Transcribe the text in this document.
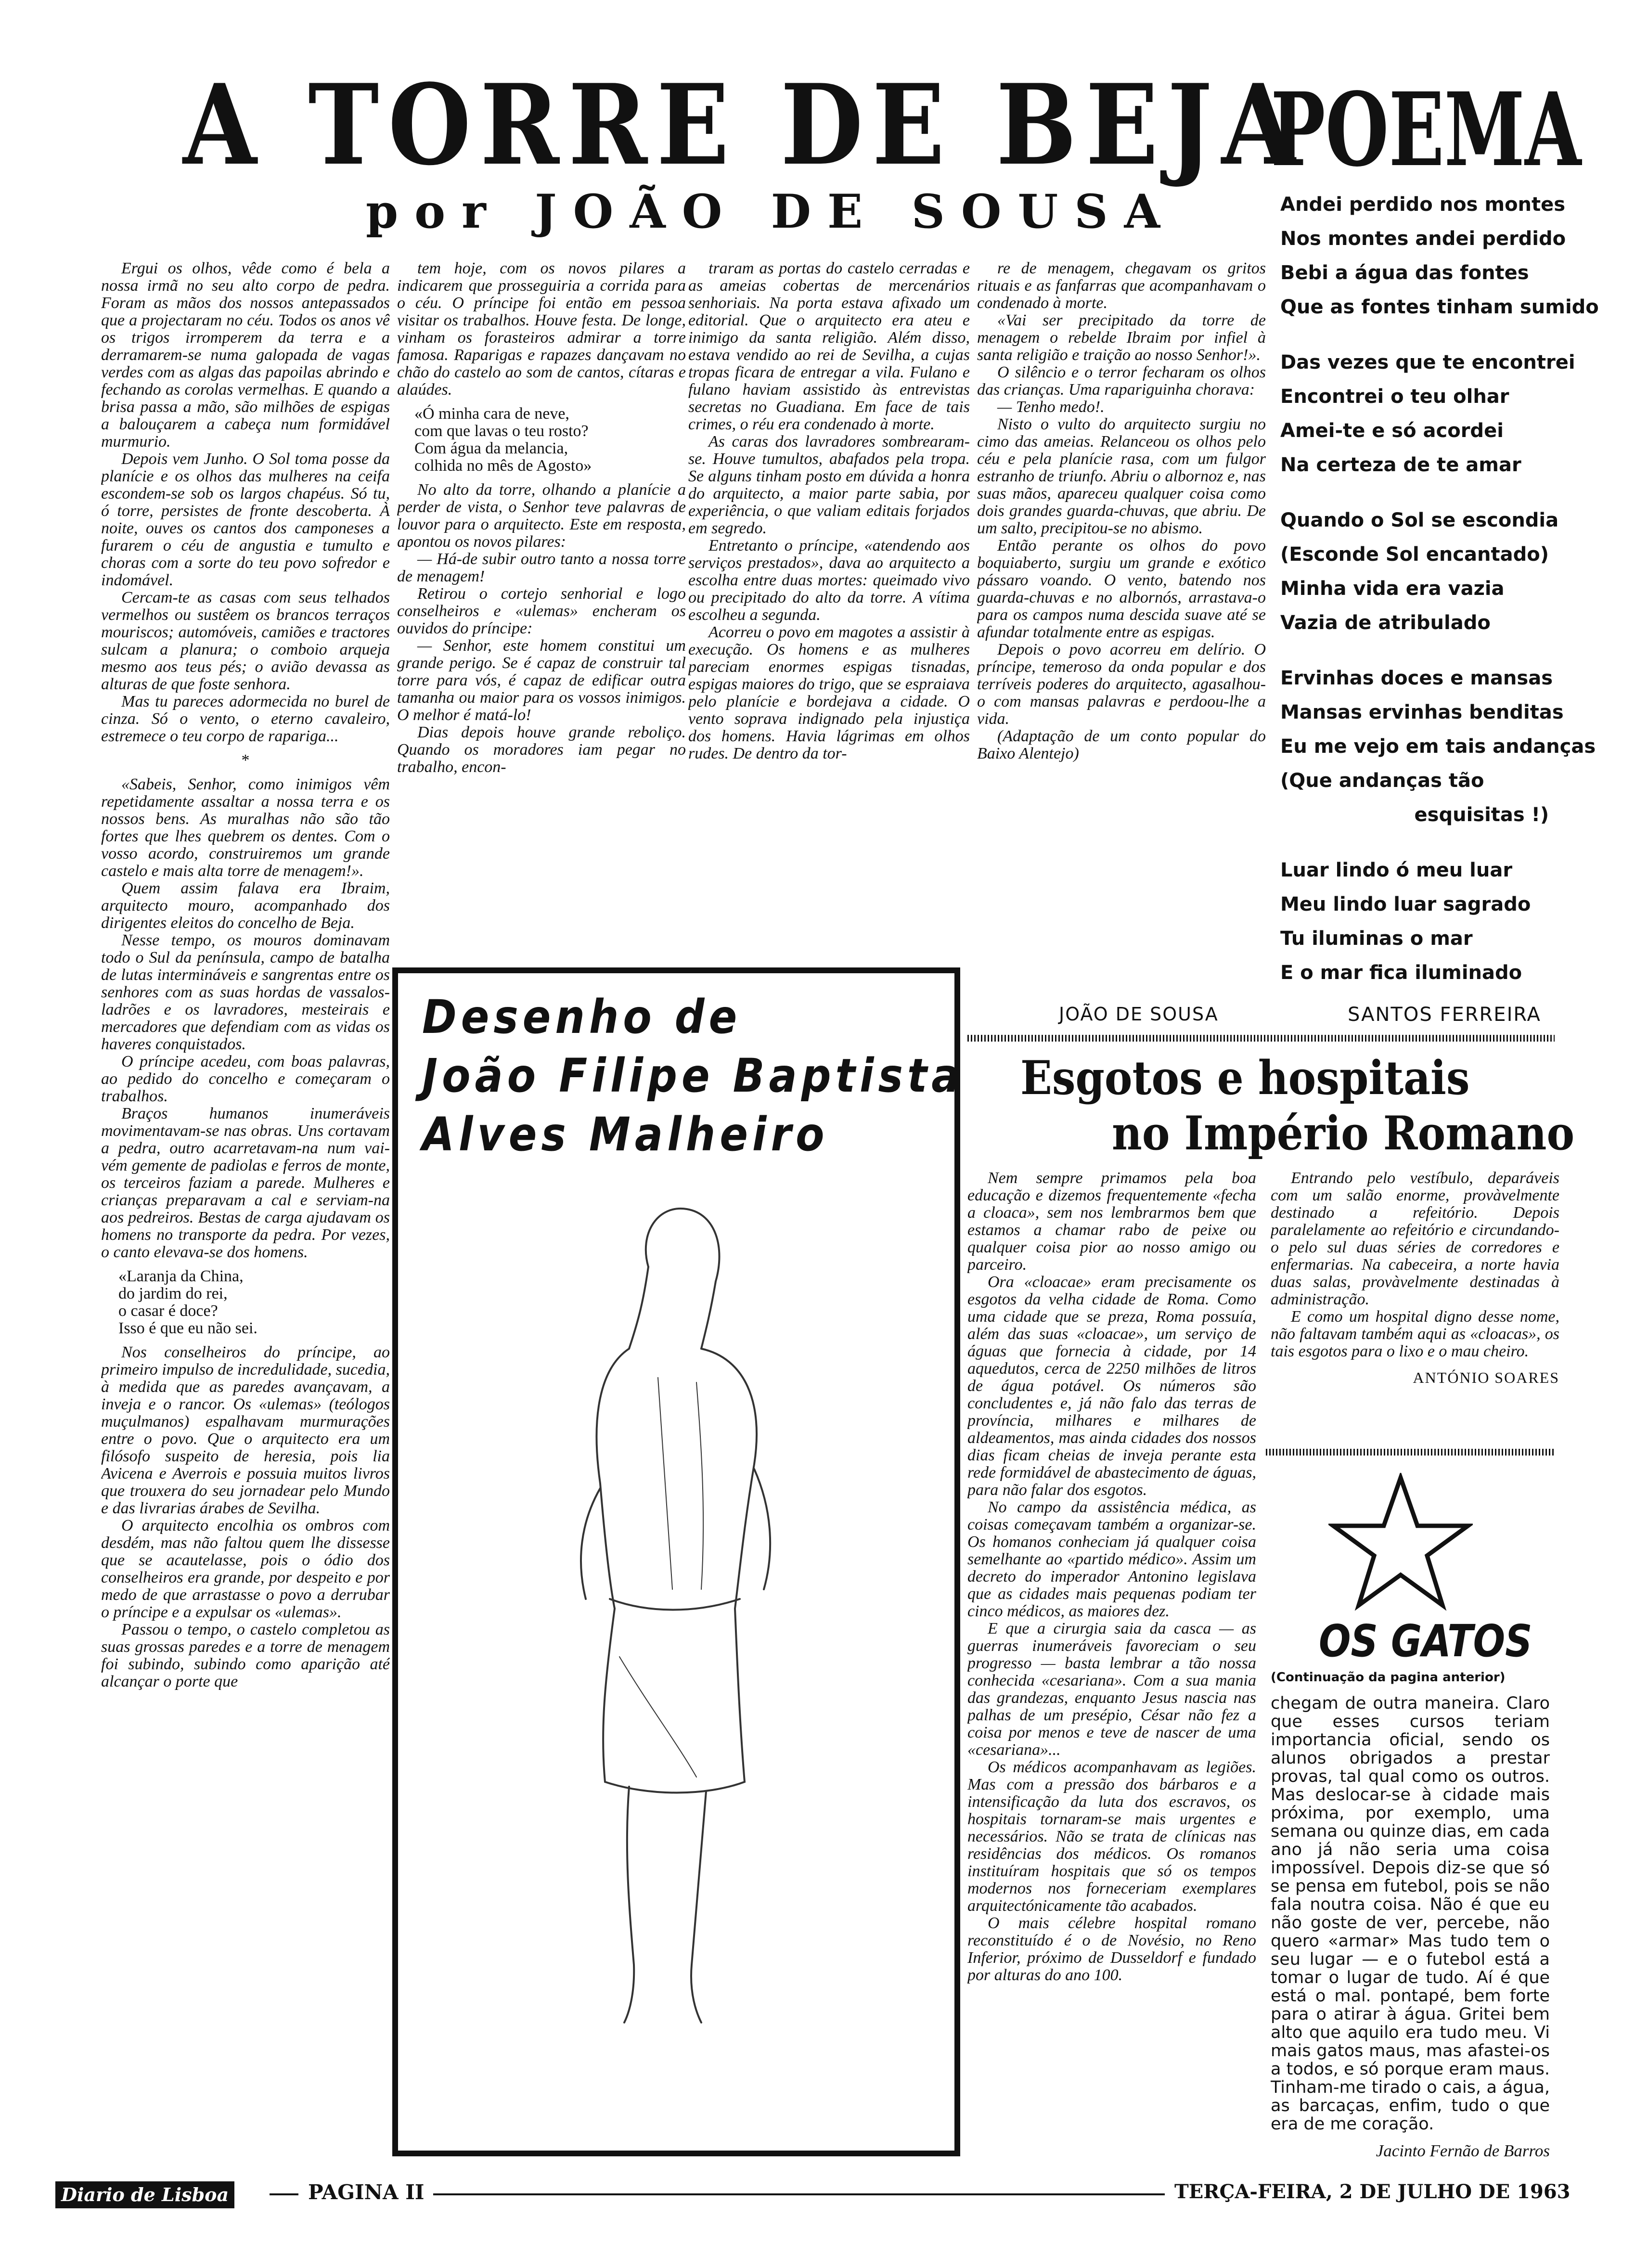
A TORRE DE BEJA
por JOÃO DE SOUSA
POEMA
Andei perdido nos montes
Nos montes andei perdido
Bebi a água das fontes
Que as fontes tinham sumido
Das vezes que te encontrei
Encontrei o teu olhar
Amei-te e só acordei
Na certeza de te amar
Quando o Sol se escondia
(Esconde Sol encantado)
Minha vida era vazia
Vazia de atribulado
Ervinhas doces e mansas
Mansas ervinhas benditas
Eu me vejo em tais andanças
(Que andanças tão
esquisitas !)
Luar lindo ó meu luar
Meu lindo luar sagrado
Tu iluminas o mar
E o mar fica iluminado
SANTOS FERREIRA

Ergui os olhos, vêde como é bela a nossa irmã no seu alto corpo de pedra. Foram as mãos dos nossos antepassados que a projectaram no céu. Todos os anos vê os trigos irromperem da terra e a derramarem-se numa galopada de vagas verdes com as algas das papoilas abrindo e fechando as corolas vermelhas. E quando a brisa passa a mão, são milhões de espigas a balouçarem a cabeça num formidável murmurio.

Depois vem Junho. O Sol toma posse da planície e os olhos das mulheres na ceifa escondem-se sob os largos chapéus. Só tu, ó torre, persistes de fronte descoberta. À noite, ouves os cantos dos camponeses a furarem o céu de angustia e tumulto e choras com a sorte do teu povo sofredor e indomável.

Cercam-te as casas com seus telhados vermelhos ou sustêem os brancos terraços mouriscos; automóveis, camiões e tractores sulcam a planura; o comboio arqueja mesmo aos teus pés; o avião devassa as alturas de que foste senhora.

Mas tu pareces adormecida no burel de cinza. Só o vento, o eterno cavaleiro, estremece o teu corpo de rapariga...

*

«Sabeis, Senhor, como inimigos vêm repetidamente assaltar a nossa terra e os nossos bens. As muralhas não são tão fortes que lhes quebrem os dentes. Com o vosso acordo, construiremos um grande castelo e mais alta torre de menagem!».

Quem assim falava era Ibraim, arquitecto mouro, acompanhado dos dirigentes eleitos do concelho de Beja.

Nesse tempo, os mouros dominavam todo o Sul da península, campo de batalha de lutas intermináveis e sangrentas entre os senhores com as suas hordas de vassalos-ladrões e os lavradores, mesteirais e mercadores que defendiam com as vidas os haveres conquistados.

O príncipe acedeu, com boas palavras, ao pedido do concelho e começaram o trabalhos.

Braços humanos inumeráveis movimentavam-se nas obras. Uns cortavam a pedra, outro acarretavam-na num vai-vém gemente de padiolas e ferros de monte, os terceiros faziam a parede. Mulheres e crianças preparavam a cal e serviam-na aos pedreiros. Bestas de carga ajudavam os homens no transporte da pedra. Por vezes, o canto elevava-se dos homens.

«Laranja da China,
do jardim do rei,
o casar é doce?
Isso é que eu não sei.

Nos conselheiros do príncipe, ao primeiro impulso de incredulidade, sucedia, à medida que as paredes avançavam, a inveja e o rancor. Os «ulemas» (teólogos muçulmanos) espalhavam murmurações entre o povo. Que o arquitecto era um filósofo suspeito de heresia, pois lia Avicena e Averrois e possuia muitos livros que trouxera do seu jornadear pelo Mundo e das livrarias árabes de Sevilha.

O arquitecto encolhia os ombros com desdém, mas não faltou quem lhe dissesse que se acautelasse, pois o ódio dos conselheiros era grande, por despeito e por medo de que arrastasse o povo a derrubar o príncipe e a expulsar os «ulemas».

Passou o tempo, o castelo completou as suas grossas paredes e a torre de menagem foi subindo, subindo como aparição até alcançar o porte que

tem hoje, com os novos pilares a indicarem que prosseguiria a corrida para o céu. O príncipe foi então em pessoa visitar os trabalhos. Houve festa. De longe, vinham os forasteiros admirar a torre famosa. Raparigas e rapazes dançavam no chão do castelo ao som de cantos, cítaras e alaúdes.

«Ó minha cara de neve,
com que lavas o teu rosto?
Com água da melancia,
colhida no mês de Agosto»

No alto da torre, olhando a planície a perder de vista, o Senhor teve palavras de louvor para o arquitecto. Este em resposta, apontou os novos pilares:

— Há-de subir outro tanto a nossa torre de menagem!

Retirou o cortejo senhorial e logo conselheiros e «ulemas» encheram os ouvidos do príncipe:

— Senhor, este homem constitui um grande perigo. Se é capaz de construir tal torre para vós, é capaz de edificar outra tamanha ou maior para os vossos inimigos. O melhor é matá-lo!

Dias depois houve grande reboliço. Quando os moradores iam pegar no trabalho, encon-

traram as portas do castelo cerradas e as ameias cobertas de mercenários senhoriais. Na porta estava afixado um editorial. Que o arquitecto era ateu e inimigo da santa religião. Além disso, estava vendido ao rei de Sevilha, a cujas tropas ficara de entregar a vila. Fulano e fulano haviam assistido às entrevistas secretas no Guadiana. Em face de tais crimes, o réu era condenado à morte.

As caras dos lavradores sombrearam-se. Houve tumultos, abafados pela tropa. Se alguns tinham posto em dúvida a honra do arquitecto, a maior parte sabia, por experiência, o que valiam editais forjados em segredo.

Entretanto o príncipe, «atendendo aos serviços prestados», dava ao arquitecto a escolha entre duas mortes: queimado vivo ou precipitado do alto da torre. A vítima escolheu a segunda.

Acorreu o povo em magotes a assistir à execução. Os homens e as mulheres pareciam enormes espigas tisnadas, espigas maiores do trigo, que se espraiava pelo planície e bordejava a cidade. O vento soprava indignado pela injustiça dos homens. Havia lágrimas em olhos rudes. De dentro da tor-

re de menagem, chegavam os gritos rituais e as fanfarras que acompanhavam o condenado à morte.

«Vai ser precipitado da torre de menagem o rebelde Ibraim por infiel à santa religião e traição ao nosso Senhor!».

O silêncio e o terror fecharam os olhos das crianças. Uma rapariguinha chorava:

— Tenho medo!.

Nisto o vulto do arquitecto surgiu no cimo das ameias. Relanceou os olhos pelo céu e pela planície rasa, com um fulgor estranho de triunfo. Abriu o albornoz e, nas suas mãos, apareceu qualquer coisa como dois grandes guarda-chuvas, que abriu. De um salto, precipitou-se no abismo.

Então perante os olhos do povo boquiaberto, surgiu um grande e exótico pássaro voando. O vento, batendo nos guarda-chuvas e no albornós, arrastava-o para os campos numa descida suave até se afundar totalmente entre as espigas.

Depois o povo acorreu em delírio. O príncipe, temeroso da onda popular e dos terríveis poderes do arquitecto, agasalhou-o com mansas palavras e perdoou-lhe a vida.

(Adaptação de um conto popular do Baixo Alentejo)

JOÃO DE SOUSA
Desenho de
João Filipe Baptista
Alves Malheiro
Esgotos e hospitais
no Império Romano

Nem sempre primamos pela boa educação e dizemos frequentemente «fecha a cloaca», sem nos lembrarmos bem que estamos a chamar rabo de peixe ou qualquer coisa pior ao nosso amigo ou parceiro.

Ora «cloacae» eram precisamente os esgotos da velha cidade de Roma. Como uma cidade que se preza, Roma possuía, além das suas «cloacae», um serviço de águas que fornecia à cidade, por 14 aquedutos, cerca de 2250 milhões de litros de água potável. Os números são concludentes e, já não falo das terras de província, milhares e milhares de aldeamentos, mas ainda cidades dos nossos dias ficam cheias de inveja perante esta rede formidável de abastecimento de águas, para não falar dos esgotos.

No campo da assistência médica, as coisas começavam também a organizar-se. Os homanos conheciam já qualquer coisa semelhante ao «partido médico». Assim um decreto do imperador Antonino legislava que as cidades mais pequenas podiam ter cinco médicos, as maiores dez.

E que a cirurgia saia da casca — as guerras inumeráveis favoreciam o seu progresso — basta lembrar a tão nossa conhecida «cesariana». Com a sua mania das grandezas, enquanto Jesus nascia nas palhas de um presépio, César não fez a coisa por menos e teve de nascer de uma «cesariana»...

Os médicos acompanhavam as legiões. Mas com a pressão dos bárbaros e a intensificação da luta dos escravos, os hospitais tornaram-se mais urgentes e necessários. Não se trata de clínicas nas residências dos médicos. Os romanos instituíram hospitais que só os tempos modernos nos forneceriam exemplares arquitectónicamente tão acabados.

O mais célebre hospital romano reconstituído é o de Novésio, no Reno Inferior, próximo de Dusseldorf e fundado por alturas do ano 100.

Entrando pelo vestíbulo, deparáveis com um salão enorme, provàvelmente destinado a refeitório. Depois paralelamente ao refeitório e circundando-o pelo sul duas séries de corredores e enfermarias. Na cabeceira, a norte havia duas salas, provàvelmente destinadas à administração.

E como um hospital digno desse nome, não faltavam também aqui as «cloacas», os tais esgotos para o lixo e o mau cheiro.

ANTÓNIO SOARES

OS GATOS
(Continuação da pagina anterior)

chegam de outra maneira. Claro que esses cursos teriam importancia oficial, sendo os alunos obrigados a prestar provas, tal qual como os outros. Mas deslocar-se à cidade mais próxima, por exemplo, uma semana ou quinze dias, em cada ano já não seria uma coisa impossível. Depois diz-se que só se pensa em futebol, pois se não fala noutra coisa. Não é que eu não goste de ver, percebe, não quero «armar» Mas tudo tem o seu lugar — e o futebol está a tomar o lugar de tudo. Aí é que está o mal. pontapé, bem forte para o atirar à água. Gritei bem alto que aquilo era tudo meu. Vi mais gatos maus, mas afastei-os a todos, e só porque eram maus. Tinham-me tirado o cais, a água, as barcaças, enfim, tudo o que era de me coração.

Jacinto Fernão de Barros

Diario de Lisboa	PAGINA II	TERÇA-FEIRA, 2 DE JULHO DE 1963
